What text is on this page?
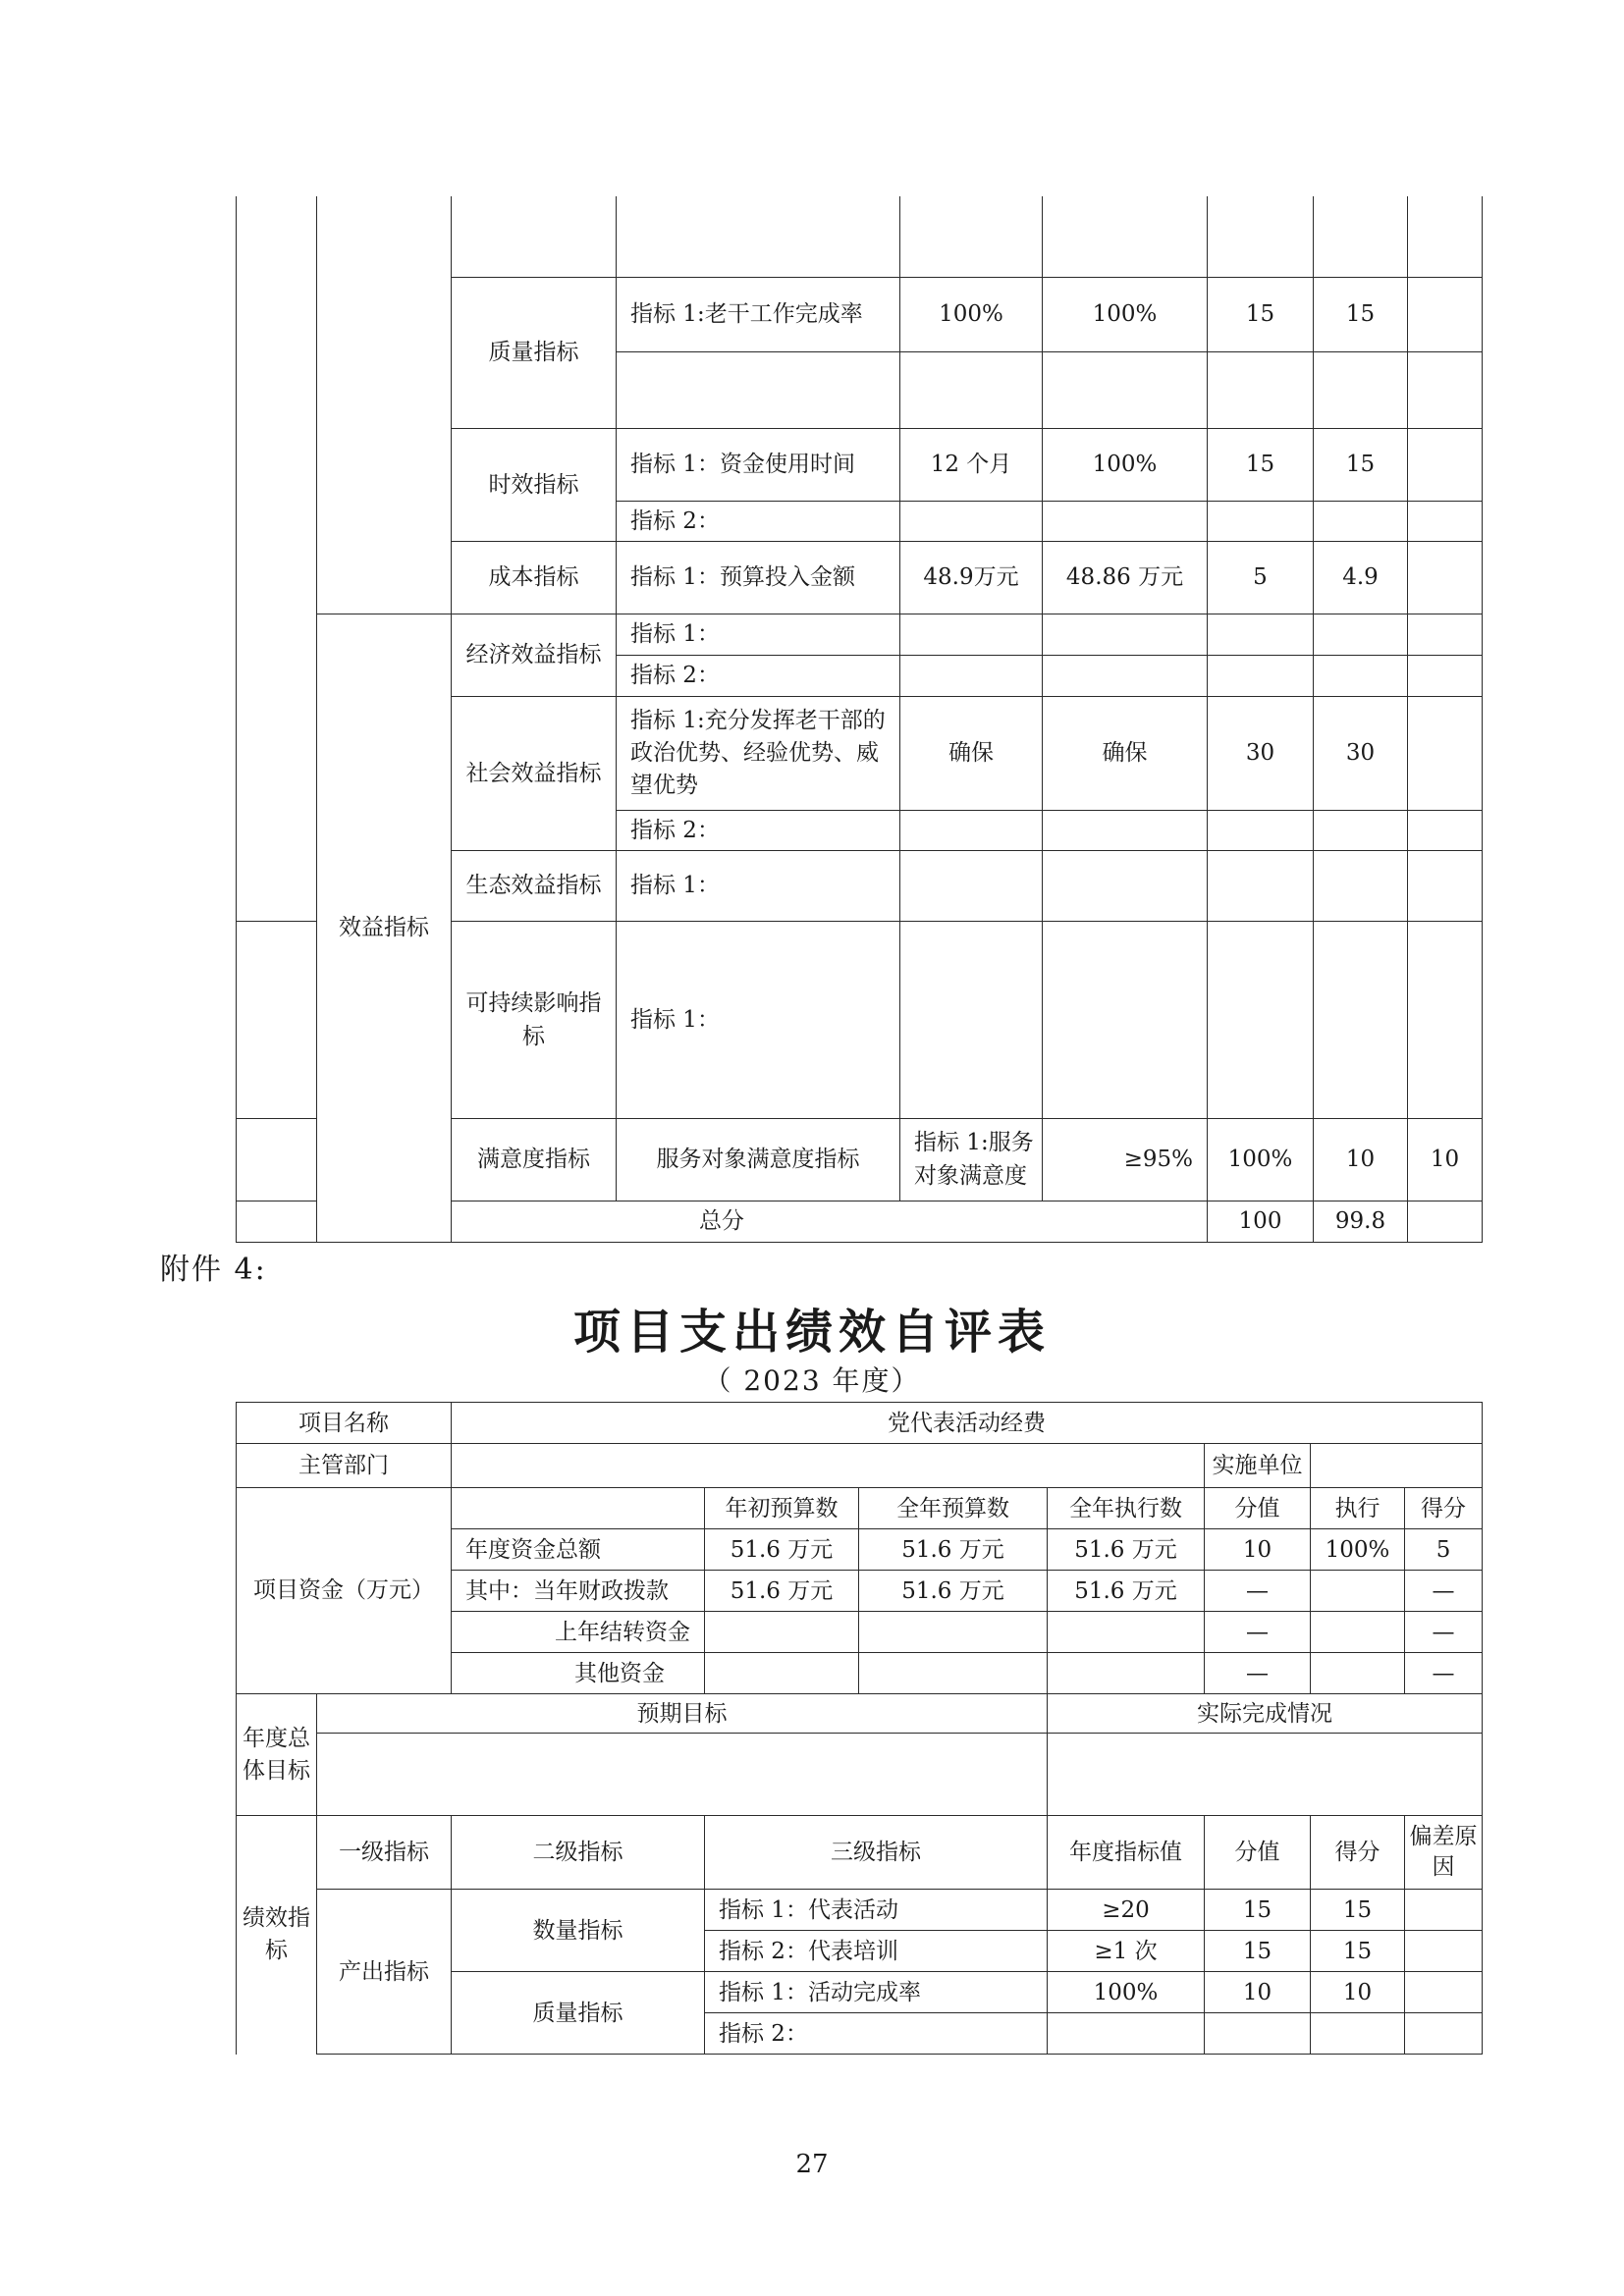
		质量指标	指标 1:老干工作完成率	100%	100%	15	15		

		时效指标	指标 1：资金使用时间	12 个月	100%	15	15		
			指标 2：						
		成本指标	指标 1：预算投入金额	48.9万元	48.86 万元	5	4.9		
	效益指标	经济效益指标	指标 1：						
			指标 2：						
		社会效益指标	指标 1:充分发挥老干部的政治优势、经验优势、威望优势	确保	确保	30	30		
			指标 2：						
		生态效益指标	指标 1：						
		可持续影响指标	指标 1：						
		满意度指标	服务对象满意度指标	指标 1:服务对象满意度	≥95%	100%	10	10	
总分						100	99.8		
附件 4:
项目支出绩效自评表
（ 2023 年度）
项目名称		党代表活动经费						
主管部门						实施单位		
项目资金（万元）			年初预算数	全年预算数	全年执行数	分值	执行	得分
		年度资金总额	51.6 万元	51.6 万元	51.6 万元	10	100%	5
		其中：当年财政拨款	51.6 万元	51.6 万元	51.6 万元	—		—
		上年结转资金				—		—
		其他资金				—		—
年度总体目标	预期目标				实际完成情况			

绩效指标	一级指标	二级指标	三级指标		年度指标值	分值	得分	偏差原因
	产出指标	数量指标	指标 1：代表活动		≥20	15	15	
			指标 2：代表培训		≥1 次	15	15	
		质量指标	指标 1：活动完成率		100%	10	10	
			指标 2：					
27
